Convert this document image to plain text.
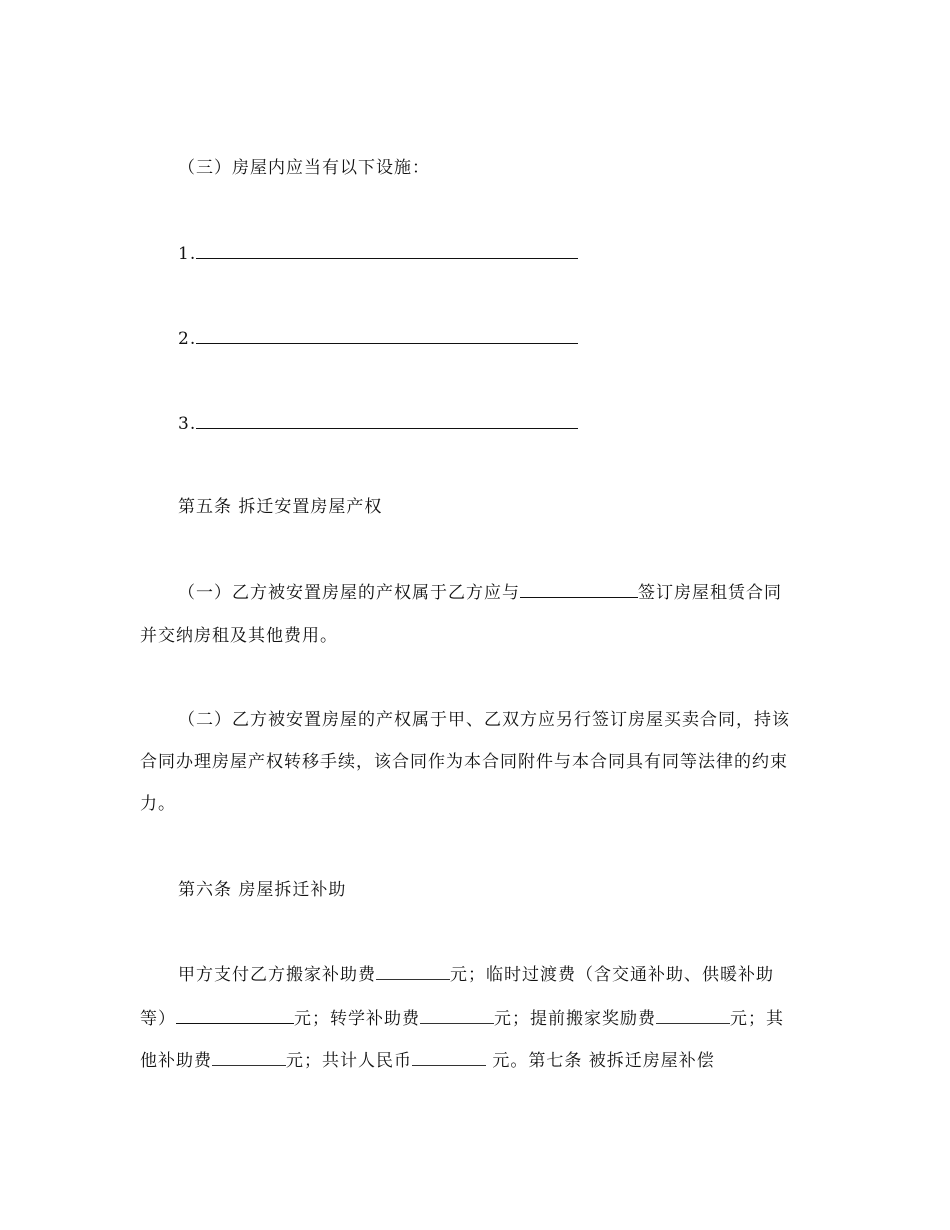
（三）房屋内应当有以下设施：
1.
2.
3.
第五条 拆迁安置房屋产权
（一）乙方被安置房屋的产权属于乙方应与	签订房屋租赁合同
并交纳房租及其他费用。
（二）乙方被安置房屋的产权属于甲、乙双方应另行签订房屋买卖合同，持该
合同办理房屋产权转移手续，该合同作为本合同附件与本合同具有同等法律的约束
力。
第六条 房屋拆迁补助
甲方支付乙方搬家补助费	元；临时过渡费（含交通补助、供暖补助
等）	元；转学补助费	元；提前搬家奖励费	元；其
他补助费	元；共计人民币	元。第七条 被拆迁房屋补偿
